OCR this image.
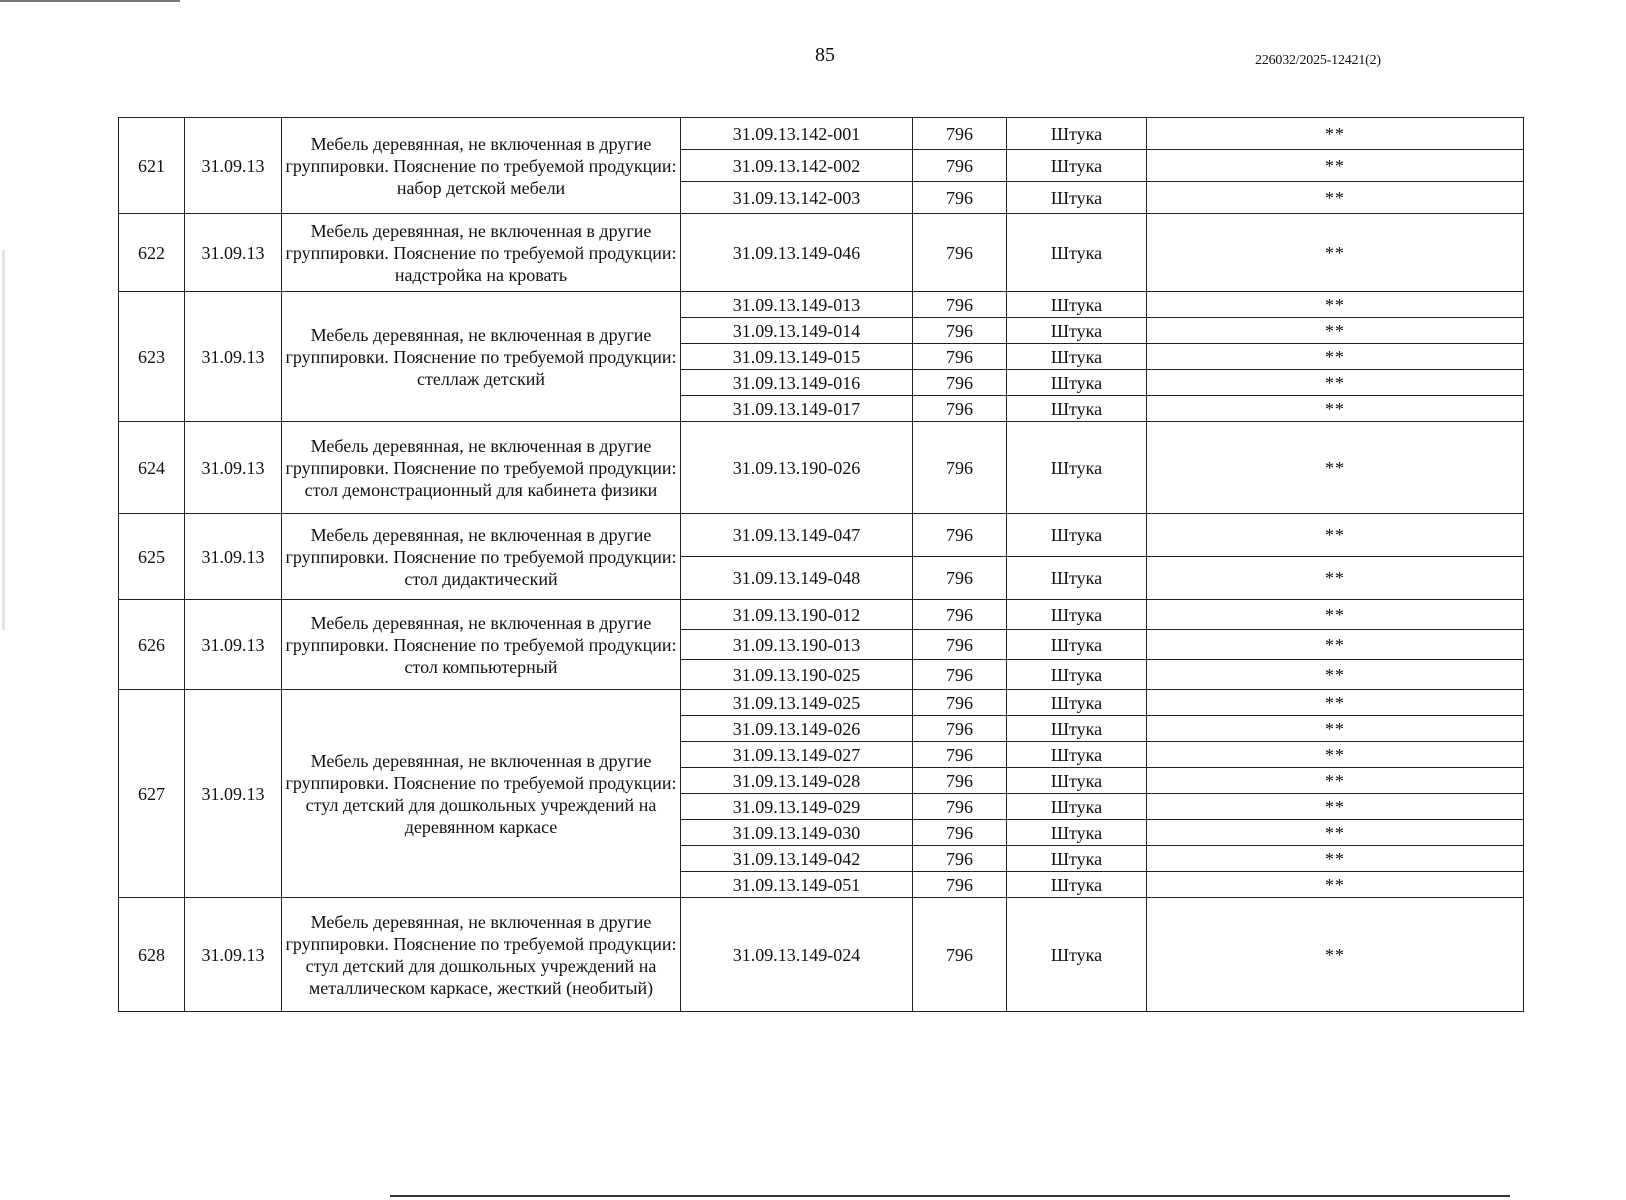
85	226032/2025-12421(2)
621	31.09.13	Мебель деревянная, не включенная в другие группировки. Пояснение по требуемой продукции: набор детской мебели	31.09.13.142-001	796	Штука	**
			31.09.13.142-002	796	Штука	**
			31.09.13.142-003	796	Штука	**
622	31.09.13	Мебель деревянная, не включенная в другие группировки. Пояснение по требуемой продукции: надстройка на кровать	31.09.13.149-046	796	Штука	**
623	31.09.13	Мебель деревянная, не включенная в другие группировки. Пояснение по требуемой продукции: стеллаж детский	31.09.13.149-013	796	Штука	**
			31.09.13.149-014	796	Штука	**
			31.09.13.149-015	796	Штука	**
			31.09.13.149-016	796	Штука	**
			31.09.13.149-017	796	Штука	**
624	31.09.13	Мебель деревянная, не включенная в другие группировки. Пояснение по требуемой продукции: стол демонстрационный для кабинета физики	31.09.13.190-026	796	Штука	**
625	31.09.13	Мебель деревянная, не включенная в другие группировки. Пояснение по требуемой продукции: стол дидактический	31.09.13.149-047	796	Штука	**
			31.09.13.149-048	796	Штука	**
626	31.09.13	Мебель деревянная, не включенная в другие группировки. Пояснение по требуемой продукции: стол компьютерный	31.09.13.190-012	796	Штука	**
			31.09.13.190-013	796	Штука	**
			31.09.13.190-025	796	Штука	**
627	31.09.13	Мебель деревянная, не включенная в другие группировки. Пояснение по требуемой продукции: стул детский для дошкольных учреждений на деревянном каркасе	31.09.13.149-025	796	Штука	**
			31.09.13.149-026	796	Штука	**
			31.09.13.149-027	796	Штука	**
			31.09.13.149-028	796	Штука	**
			31.09.13.149-029	796	Штука	**
			31.09.13.149-030	796	Штука	**
			31.09.13.149-042	796	Штука	**
			31.09.13.149-051	796	Штука	**
628	31.09.13	Мебель деревянная, не включенная в другие группировки. Пояснение по требуемой продукции: стул детский для дошкольных учреждений на металлическом каркасе, жесткий (необитый)	31.09.13.149-024	796	Штука	**
